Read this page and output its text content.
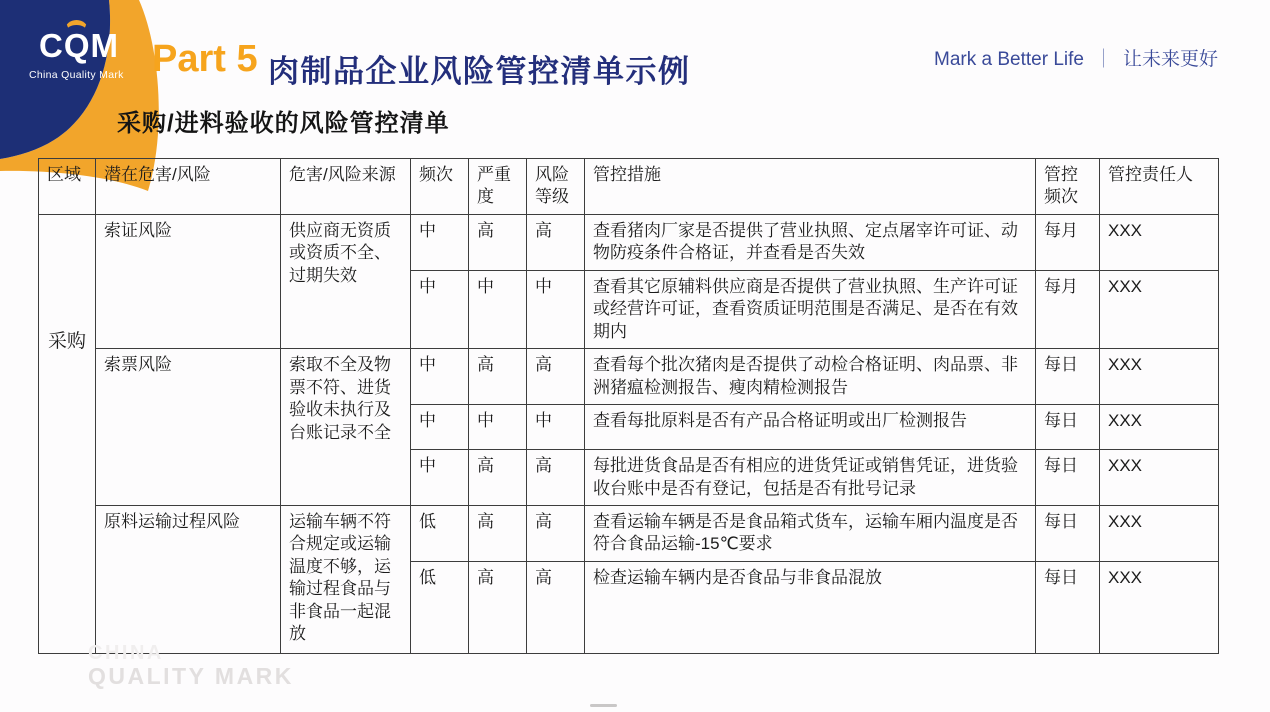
CQM
China Quality Mark Part 5 肉制品企业风险管控清单示例	Mark a Better Life ｜ 让未来更好
采购/进料验收的风险管控清单
区域	潜在危害/风险	危害/风险来源	频次	严重度	风险等级	管控措施	管控频次	管控责任人
采购	索证风险	供应商无资质或资质不全、过期失效	中	高	高	查看猪肉厂家是否提供了营业执照、定点屠宰许可证、动物防疫条件合格证，并查看是否失效	每月	XXX
			中	中	中	查看其它原辅料供应商是否提供了营业执照、生产许可证或经营许可证，查看资质证明范围是否满足、是否在有效期内	每月	XXX
	索票风险	索取不全及物票不符、进货验收未执行及台账记录不全	中	高	高	查看每个批次猪肉是否提供了动检合格证明、肉品票、非洲猪瘟检测报告、瘦肉精检测报告	每日	XXX
			中	中	中	查看每批原料是否有产品合格证明或出厂检测报告	每日	XXX
			中	高	高	每批进货食品是否有相应的进货凭证或销售凭证，进货验收台账中是否有登记，包括是否有批号记录	每日	XXX
	原料运输过程风险	运输车辆不符合规定或运输温度不够，运输过程食品与非食品一起混放	低	高	高	查看运输车辆是否是食品箱式货车，运输车厢内温度是否符合食品运输-15℃要求	每日	XXX
			低	高	高	检查运输车辆内是否食品与非食品混放	每日	XXX
CHINA
QUALITY MARK
